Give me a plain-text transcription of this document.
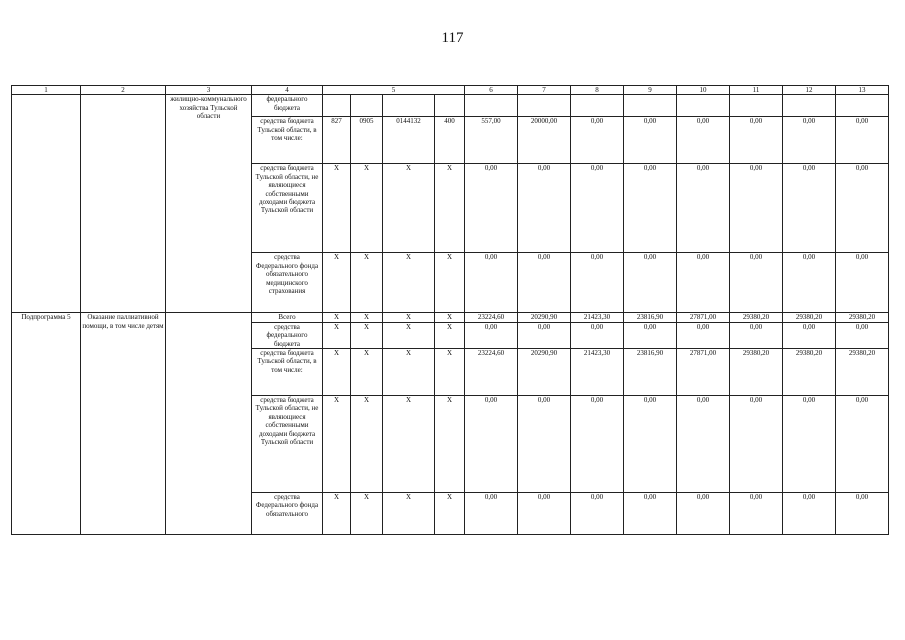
117
1	2	3	4	5				6	7	8	9	10	11	12	13
		жилищно-коммунального хозяйства Тульской области	федерального бюджета												
			средства бюджета Тульской области, в том числе:	827	0905	0144132	400	557,00	20000,00	0,00	0,00	0,00	0,00	0,00	0,00
			средства бюджета Тульской области, не являющиеся собственными доходами бюджета Тульской области	X	X	X	X	0,00	0,00	0,00	0,00	0,00	0,00	0,00	0,00
			средства Федерального фонда обязательного медицинского страхования	X	X	X	X	0,00	0,00	0,00	0,00	0,00	0,00	0,00	0,00
Подпрограмма 5	Оказание паллиативной помощи, в том числе детям		Всего	X	X	X	X	23224,60	20290,90	21423,30	23816,90	27871,00	29380,20	29380,20	29380,20
			средства федерального бюджета	X	X	X	X	0,00	0,00	0,00	0,00	0,00	0,00	0,00	0,00
			средства бюджета Тульской области, в том числе:	X	X	X	X	23224,60	20290,90	21423,30	23816,90	27871,00	29380,20	29380,20	29380,20
			средства бюджета Тульской области, не являющиеся собственными доходами бюджета Тульской области	X	X	X	X	0,00	0,00	0,00	0,00	0,00	0,00	0,00	0,00
			средства Федерального фонда обязательного	X	X	X	X	0,00	0,00	0,00	0,00	0,00	0,00	0,00	0,00
